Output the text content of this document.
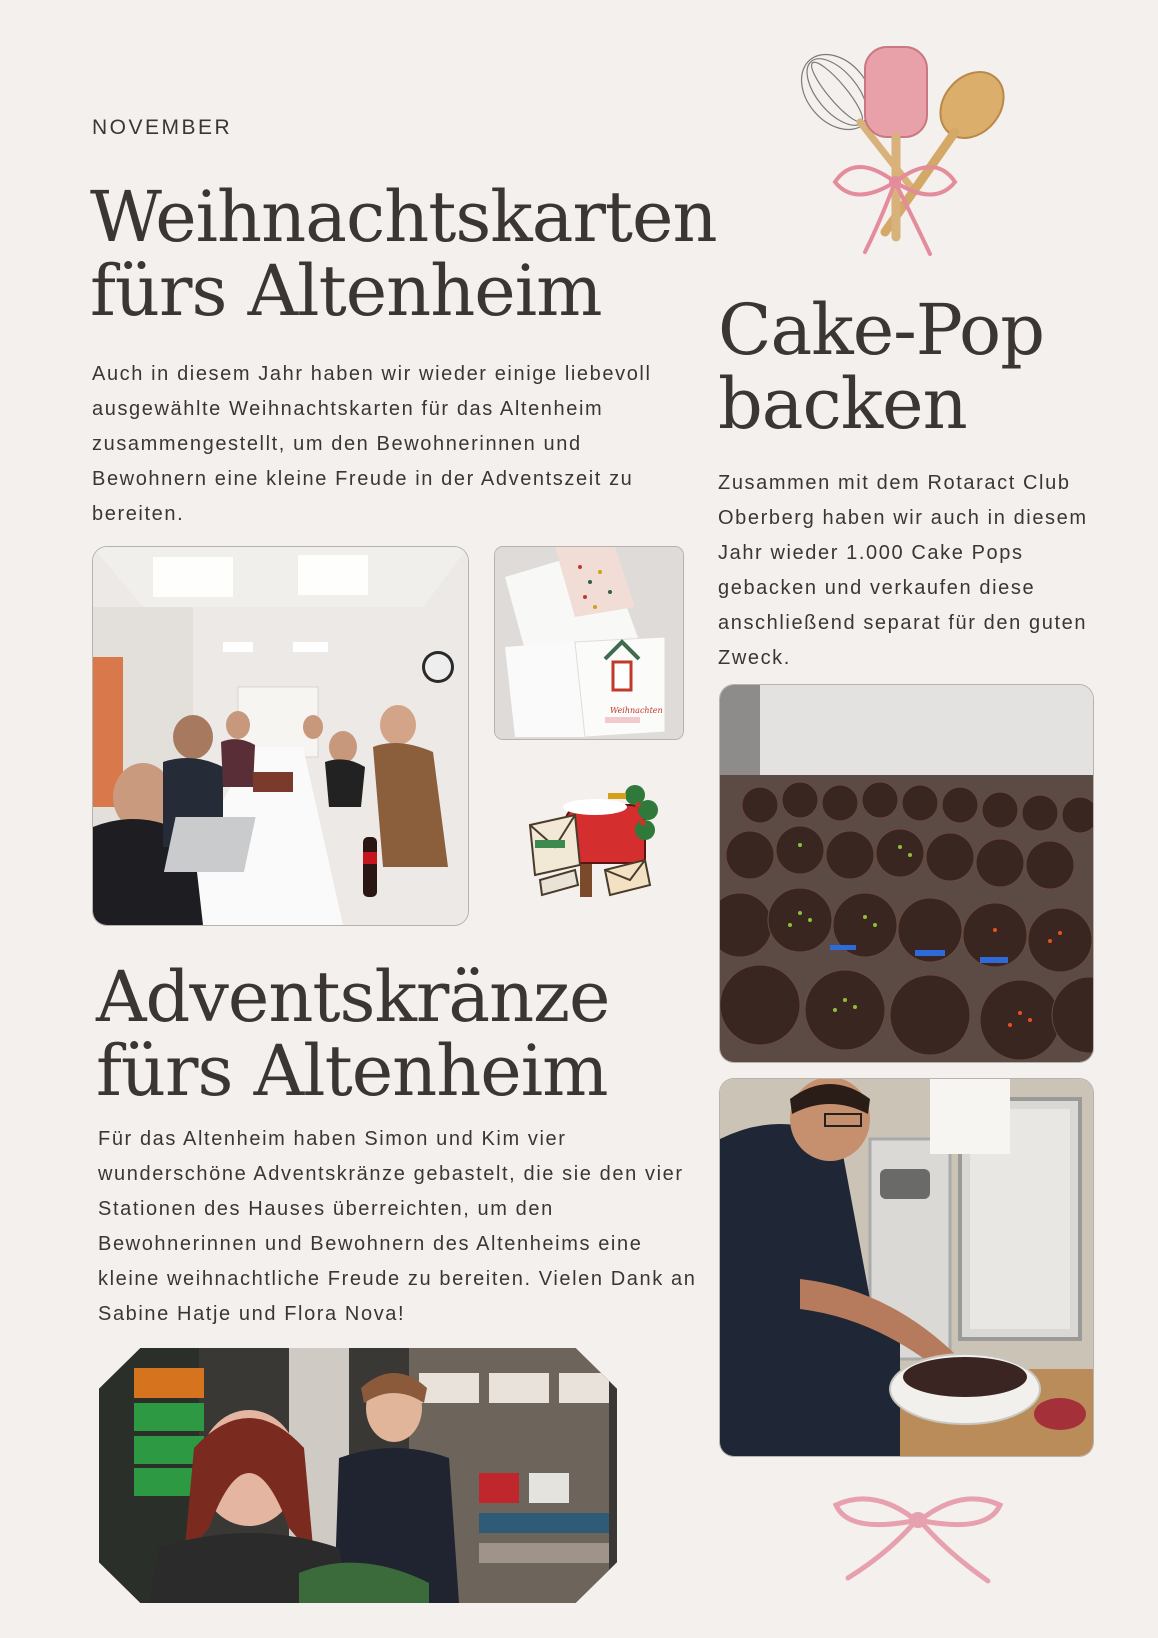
NOVEMBER
Weihnachtskarten
fürs Altenheim

Auch in diesem Jahr haben wir wieder einige liebevoll ausgewählte Weihnachtskarten für das Altenheim zusammengestellt, um den Bewohnerinnen und Bewohnern eine kleine Freude in der Adventszeit zu bereiten.

Weihnachten
Adventskränze
fürs Altenheim

Für das Altenheim haben Simon und Kim vier wunderschöne Adventskränze gebastelt, die sie den vier Stationen des Hauses überreichten, um den Bewohnerinnen und Bewohnern des Altenheims eine kleine weihnachtliche Freude zu bereiten. Vielen Dank an Sabine Hatje und Flora Nova!

Cake-Pop
backen

Zusammen mit dem Rotaract Club Oberberg haben wir auch in diesem Jahr wieder 1.000 Cake Pops gebacken und verkaufen diese anschließend separat für den guten Zweck.
